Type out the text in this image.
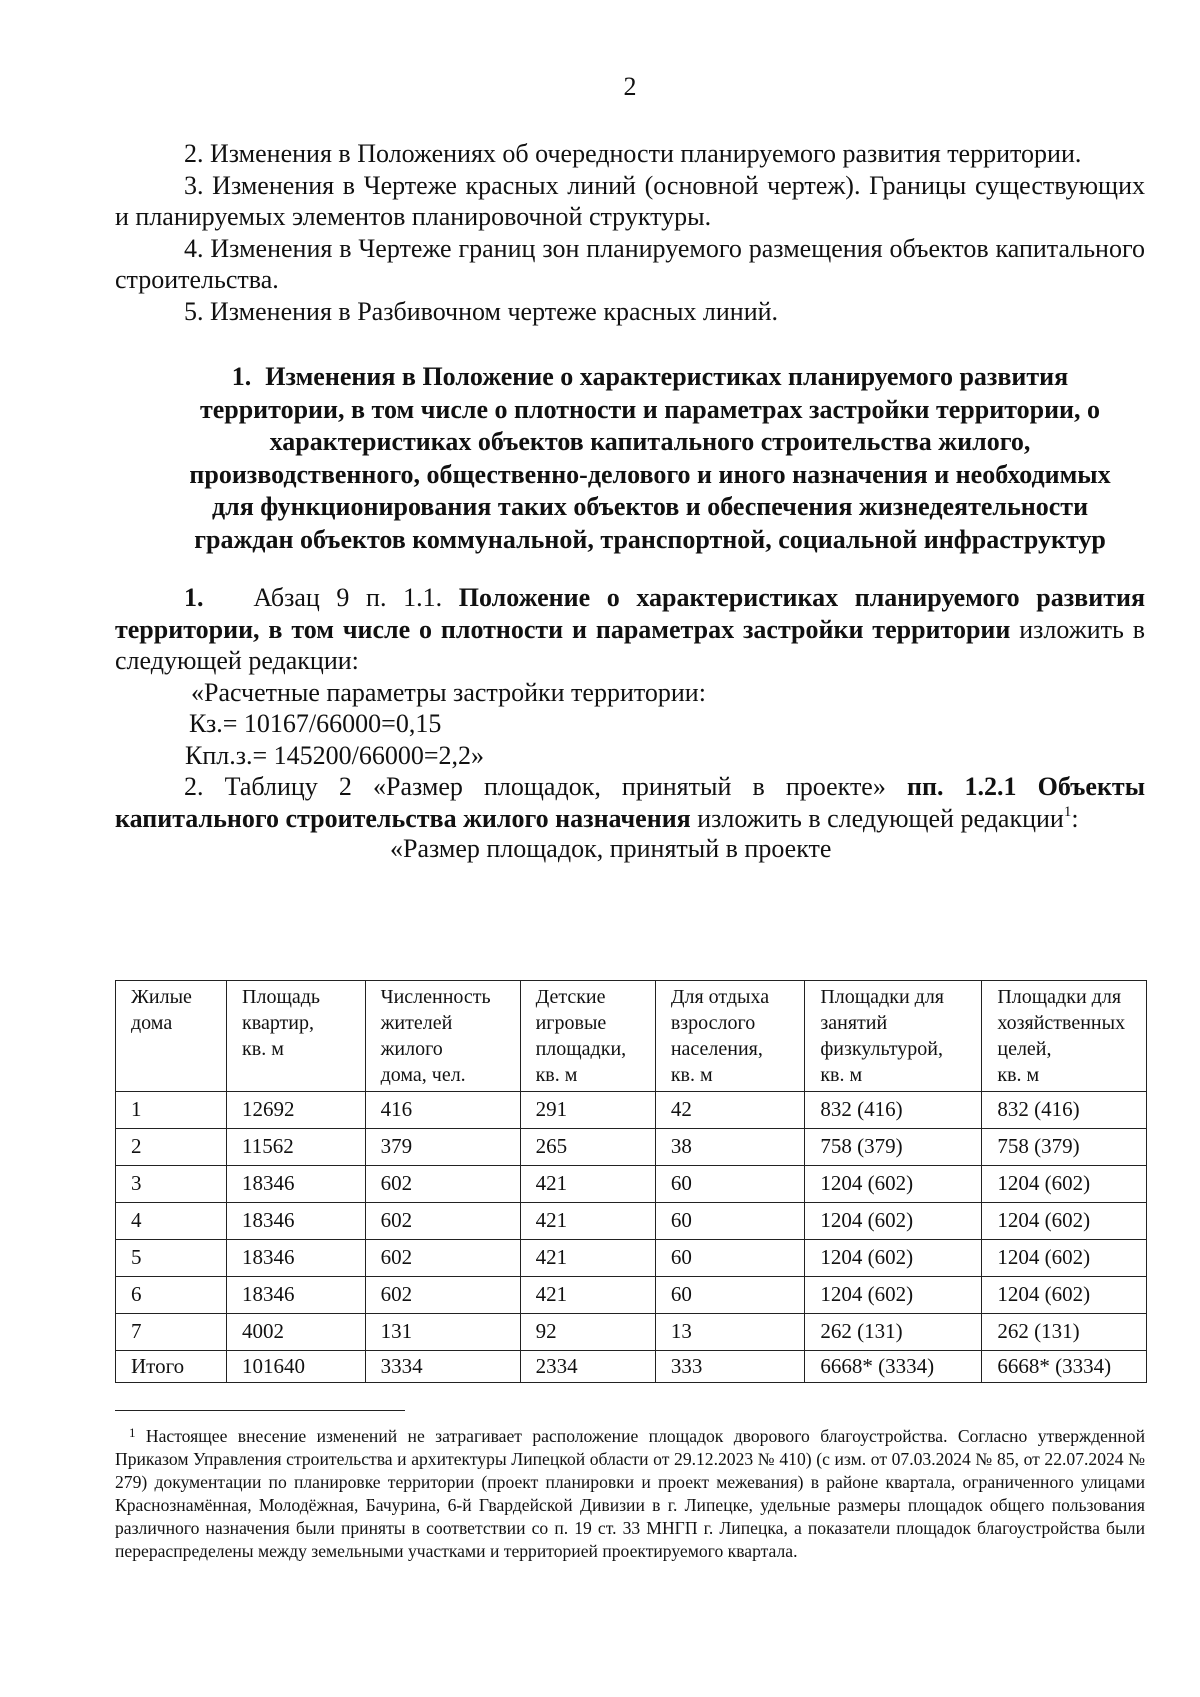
2

2. Изменения в Положениях об очередности планируемого развития территории.

3. Изменения в Чертеже красных линий (основной чертеж). Границы существующих и планируемых элементов планировочной структуры.

4. Изменения в Чертеже границ зон планируемого размещения объектов капитального строительства.

5. Изменения в Разбивочном чертеже красных линий.

1. Изменения в Положение о характеристиках планируемого развития территории, в том числе о плотности и параметрах застройки территории, о характеристиках объектов капитального строительства жилого, производственного, общественно-делового и иного назначения и необходимых для функционирования таких объектов и обеспечения жизнедеятельности граждан объектов коммунальной, транспортной, социальной инфраструктур

1. Абзац 9 п. 1.1. Положение о характеристиках планируемого развития территории, в том числе о плотности и параметрах застройки территории изложить в следующей редакции:

«Расчетные параметры застройки территории:

Кз.= 10167/66000=0,15

Кпл.з.= 145200/66000=2,2»

2. Таблицу 2 «Размер площадок, принятый в проекте» пп. 1.2.1 Объекты капитального строительства жилого назначения изложить в следующей редакции$^1$:

«Размер площадок, принятый в проекте

Жилые
дома	Площадь
квартир,
кв. м	Численность
жителей
жилого
дома, чел.	Детские
игровые
площадки,
кв. м	Для отдыха
взрослого
населения,
кв. м	Площадки для
занятий
физкультурой,
кв. м	Площадки для
хозяйственных
целей,
кв. м
1	12692	416	291	42	832 (416)	832 (416)
2	11562	379	265	38	758 (379)	758 (379)
3	18346	602	421	60	1204 (602)	1204 (602)
4	18346	602	421	60	1204 (602)	1204 (602)
5	18346	602	421	60	1204 (602)	1204 (602)
6	18346	602	421	60	1204 (602)	1204 (602)
7	4002	131	92	13	262 (131)	262 (131)
Итого	101640	3334	2334	333	6668* (3334)	6668* (3334)
$^1$ Настоящее внесение изменений не затрагивает расположение площадок дворового благоустройства. Согласно утвержденной Приказом Управления строительства и архитектуры Липецкой области от 29.12.2023 № 410) (с изм. от 07.03.2024 № 85, от 22.07.2024 № 279) документации по планировке территории (проект планировки и проект межевания) в районе квартала, ограниченного улицами Краснознамённая, Молодёжная, Бачурина, 6-й Гвардейской Дивизии в г. Липецке, удельные размеры площадок общего пользования различного назначения были приняты в соответствии со п. 19 ст. 33 МНГП г. Липецка, а показатели площадок благоустройства были перераспределены между земельными участками и территорией проектируемого квартала.
